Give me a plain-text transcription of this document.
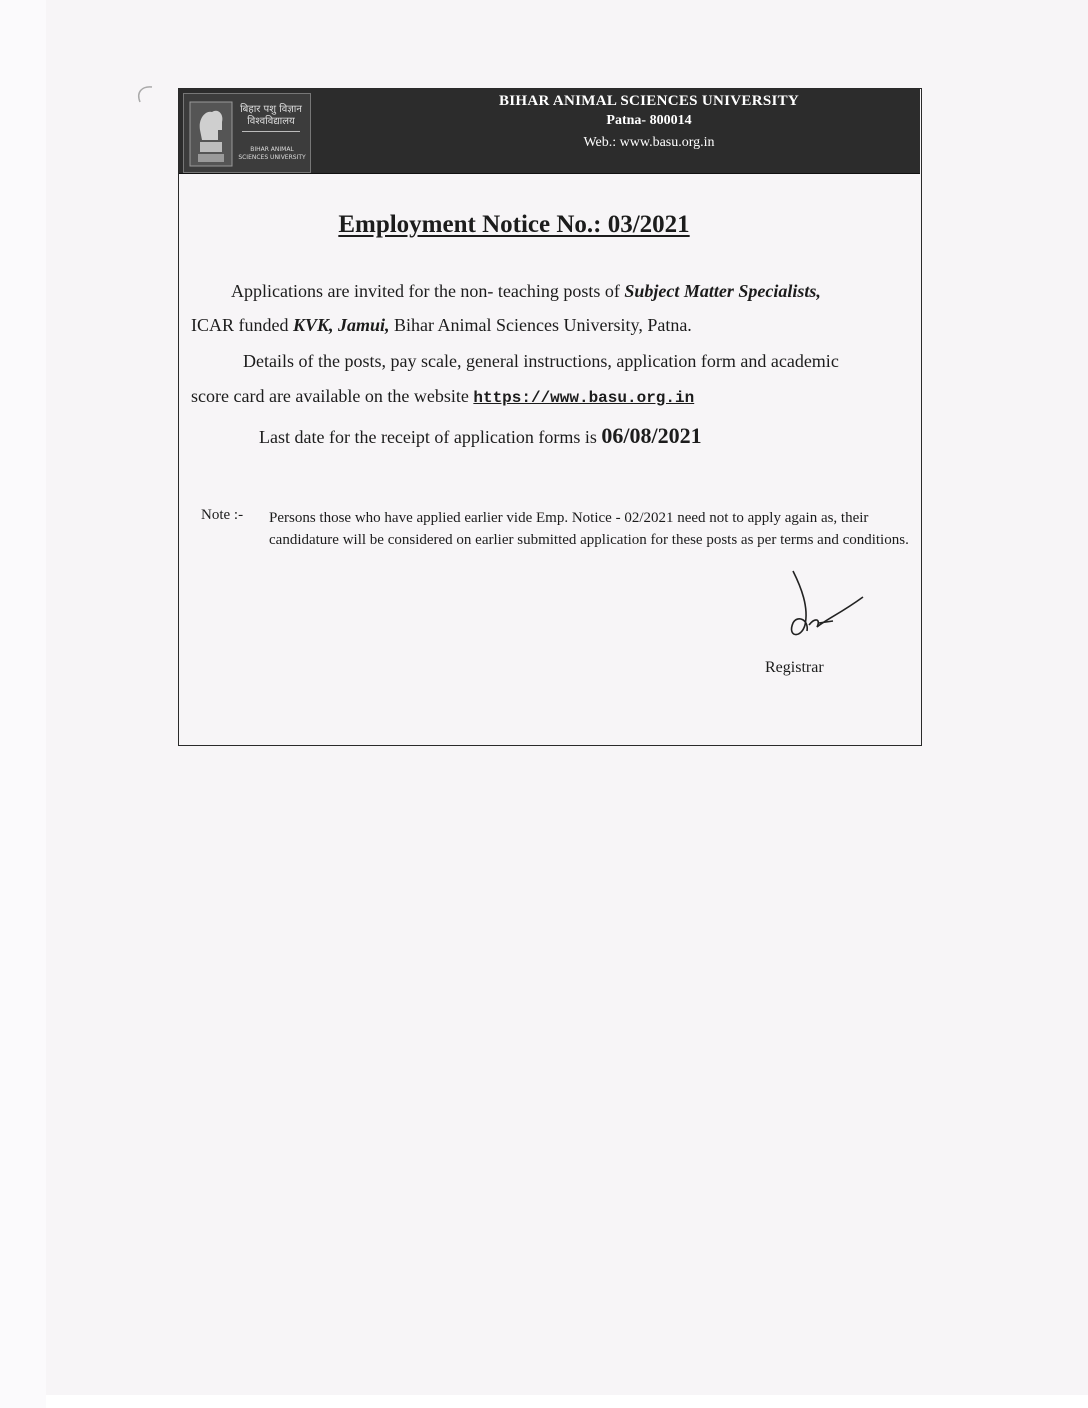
बिहार पशु विज्ञान विश्वविद्यालय
BIHAR ANIMAL SCIENCES UNIVERSITY
BIHAR ANIMAL SCIENCES UNIVERSITY
Patna- 800014
Web.: www.basu.org.in
Employment Notice No.: 03/2021
Applications are invited for the non- teaching posts of Subject Matter Specialists,
ICAR funded KVK, Jamui, Bihar Animal Sciences University, Patna.
Details of the posts, pay scale, general instructions, application form and academic
score card are available on the website https://www.basu.org.in
Last date for the receipt of application forms is 06/08/2021
Note :- Persons those who have applied earlier vide Emp. Notice - 02/2021 need not to apply again as, their candidature will be considered on earlier submitted application for these posts as per terms and conditions.
Registrar
